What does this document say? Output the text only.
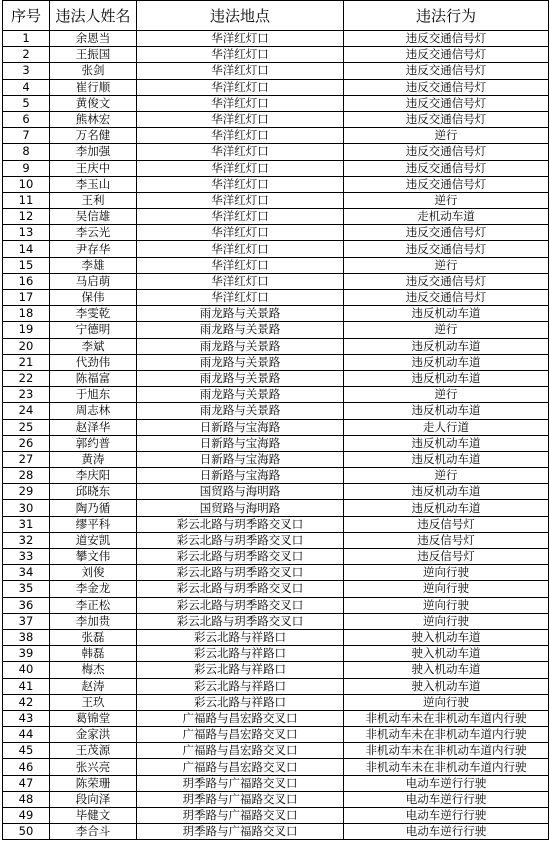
序号	违法人姓名	违法地点	违法行为
1	余恩当	华洋红灯口	违反交通信号灯
2	王振国	华洋红灯口	违反交通信号灯
3	张剑	华洋红灯口	违反交通信号灯
4	崔行顺	华洋红灯口	违反交通信号灯
5	黄俊文	华洋红灯口	违反交通信号灯
6	熊林宏	华洋红灯口	违反交通信号灯
7	万名健	华洋红灯口	逆行
8	李加强	华洋红灯口	违反交通信号灯
9	王庆中	华洋红灯口	违反交通信号灯
10	李玉山	华洋红灯口	违反交通信号灯
11	王利	华洋红灯口	逆行
12	吴信雄	华洋红灯口	走机动车道
13	李云光	华洋红灯口	违反交通信号灯
14	尹存华	华洋红灯口	违反交通信号灯
15	李雄	华洋红灯口	逆行
16	马启萌	华洋红灯口	违反交通信号灯
17	保伟	华洋红灯口	违反交通信号灯
18	李雯乾	雨龙路与关景路	违反机动车道
19	宁德明	雨龙路与关景路	逆行
20	李斌	雨龙路与关景路	违反机动车道
21	代劲伟	雨龙路与关景路	违反机动车道
22	陈福富	雨龙路与关景路	违反机动车道
23	于旭东	雨龙路与关景路	逆行
24	周志林	雨龙路与关景路	违反机动车道
25	赵泽华	日新路与宝海路	走人行道
26	郭约普	日新路与宝海路	违反机动车道
27	黄涛	日新路与宝海路	违反机动车道
28	李庆阳	日新路与宝海路	逆行
29	邱晓东	国贸路与海明路	违反机动车道
30	陶乃循	国贸路与海明路	违反机动车道
31	缪平科	彩云北路与玥季路交叉口	违反信号灯
32	道安凯	彩云北路与玥季路交叉口	违反信号灯
33	攀文伟	彩云北路与玥季路交叉口	违反信号灯
34	刘俊	彩云北路与玥季路交叉口	逆向行驶
35	李金龙	彩云北路与玥季路交叉口	逆向行驶
36	李正松	彩云北路与玥季路交叉口	逆向行驶
37	李加贵	彩云北路与玥季路交叉口	逆向行驶
38	张磊	彩云北路与祥路口	驶入机动车道
39	韩磊	彩云北路与祥路口	驶入机动车道
40	梅杰	彩云北路与祥路口	驶入机动车道
41	赵涛	彩云北路与祥路口	驶入机动车道
42	王玖	彩云北路与祥路口	逆向行驶
43	葛锦堂	广福路与昌宏路交叉口	非机动车未在非机动车道内行驶
44	金家洪	广福路与昌宏路交叉口	非机动车未在非机动车道内行驶
45	王茂源	广福路与昌宏路交叉口	非机动车未在非机动车道内行驶
46	张兴亮	广福路与昌宏路交叉口	非机动车未在非机动车道内行驶
47	陈荣珊	玥季路与广福路交叉口	电动车逆行行驶
48	段向泽	玥季路与广福路交叉口	电动车逆行行驶
49	毕健文	玥季路与广福路交叉口	电动车逆行行驶
50	李合斗	玥季路与广福路交叉口	电动车逆行行驶
